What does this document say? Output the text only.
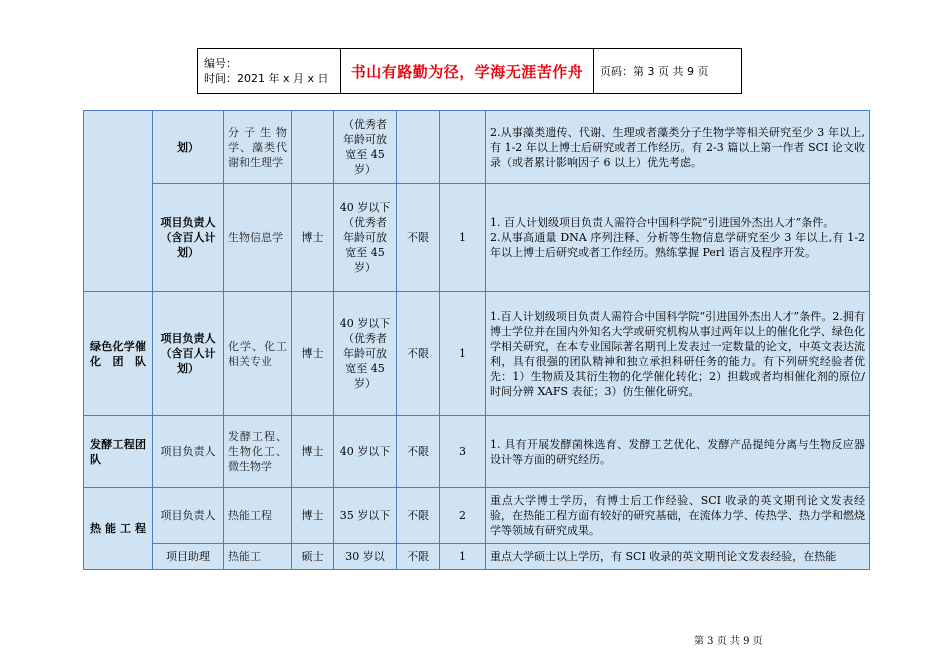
编号：
时间：2021 年 x 月 x 日	书山有路勤为径，学海无涯苦作舟	页码：第 3 页 共 9 页
	划）	分子生物学、藻类代谢和生理学		（优秀者年龄可放宽至 45岁）			2.从事藻类遗传、代谢、生理或者藻类分子生物学等相关研究至少 3 年以上,有 1-2 年以上博士后研究或者工作经历。有 2-3 篇以上第一作者 SCI 论文收录（或者累计影响因子 6 以上）优先考虑。
	项目负责人（含百人计划）	生物信息学	博士	40 岁以下（优秀者年龄可放宽至 45岁）	不限	1	1. 百人计划级项目负责人需符合中国科学院“引进国外杰出人才”条件。
2.从事高通量 DNA 序列注释、分析等生物信息学研究至少 3 年以上,有 1-2 年以上博士后研究或者工作经历。熟练掌握 Perl 语言及程序开发。
绿色化学催化团队	项目负责人（含百人计划）	化学、化工相关专业	博士	40 岁以下（优秀者年龄可放宽至 45岁）	不限	1	1.百人计划级项目负责人需符合中国科学院“引进国外杰出人才”条件。2.拥有博士学位并在国内外知名大学或研究机构从事过两年以上的催化化学、绿色化学相关研究，在本专业国际著名期刊上发表过一定数量的论文，中英文表达流利，具有很强的团队精神和独立承担科研任务的能力。有下列研究经验者优先：1）生物质及其衍生物的化学催化转化；2）担载或者均相催化剂的原位/时间分辨 XAFS 表征；3）仿生催化研究。
发酵工程团队	项目负责人	发酵工程、生物化工、微生物学	博士	40 岁以下	不限	3	1. 具有开展发酵菌株选育、发酵工艺优化、发酵产品提纯分离与生物反应器设计等方面的研究经历。
热能工程	项目负责人	热能工程	博士	35 岁以下	不限	2	重点大学博士学历，有博士后工作经验、SCI 收录的英文期刊论文发表经验，在热能工程方面有较好的研究基础，在流体力学、传热学、热力学和燃烧学等领域有研究成果。
	项目助理	热能工	硕士	30 岁以	不限	1	重点大学硕士以上学历，有 SCI 收录的英文期刊论文发表经验，在热能
第 3 页 共 9 页
